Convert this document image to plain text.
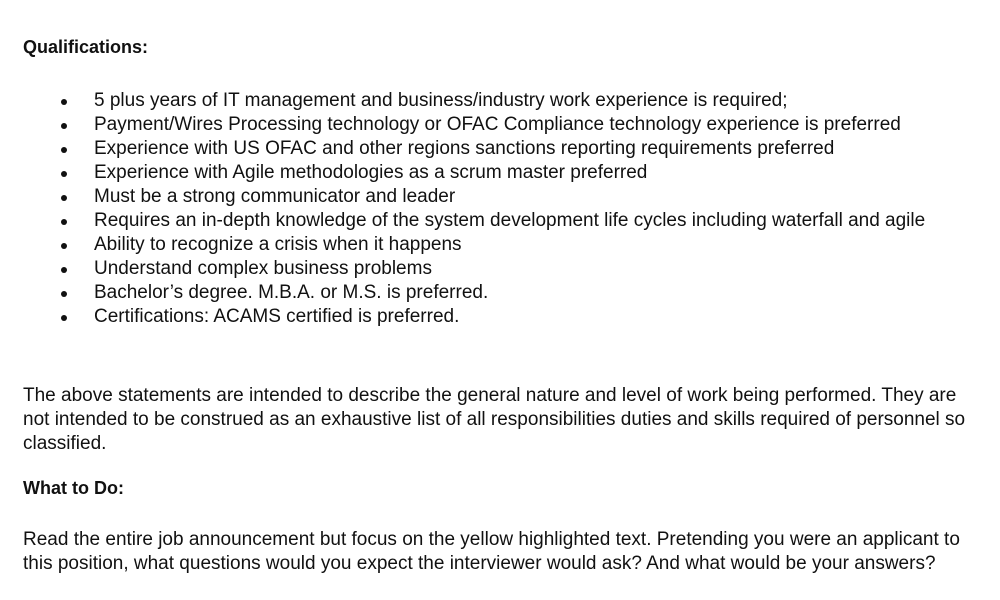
Qualifications:
5 plus years of IT management and business/industry work experience is required;
Payment/Wires Processing technology or OFAC Compliance technology experience is preferred
Experience with US OFAC and other regions sanctions reporting requirements preferred
Experience with Agile methodologies as a scrum master preferred
Must be a strong communicator and leader
Requires an in-depth knowledge of the system development life cycles including waterfall and agile
Ability to recognize a crisis when it happens
Understand complex business problems
Bachelor’s degree. M.B.A. or M.S. is preferred.
Certifications: ACAMS certified is preferred.

The above statements are intended to describe the general nature and level of work being performed. They are not intended to be construed as an exhaustive list of all responsibilities duties and skills required of personnel so classified.

What to Do:

Read the entire job announcement but focus on the yellow highlighted text. Pretending you were an applicant to this position, what questions would you expect the interviewer would ask? And what would be your answers?
